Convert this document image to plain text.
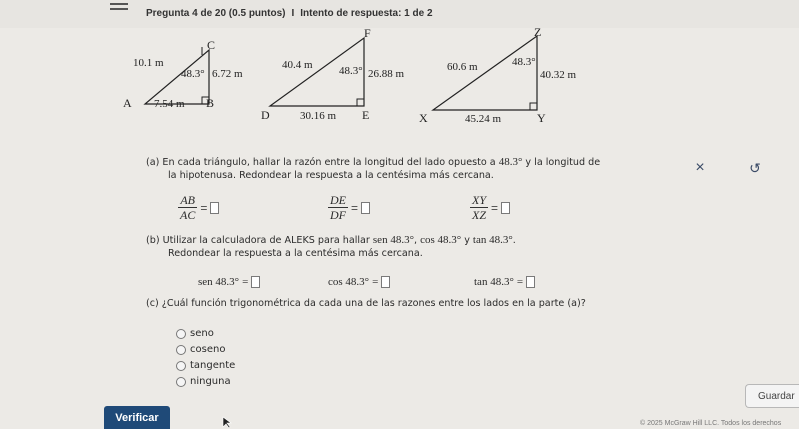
Pregunta 4 de 20 (0.5 puntos) I Intento de respuesta: 1 de 2
C
A	B
10.1 m
48.3° 6.72 m
7.54 m
F
D	E
40.4 m 48.3° 26.88 m
30.16 m
Z
X	Y
60.6 m	48.3°
40.32 m
45.24 m
(a) En cada triángulo, hallar la razón entre la longitud del lado opuesto a 48.3° y la longitud de
la hipotenusa. Redondear la respuesta a la centésima más cercana.
$\frac{AB}{AC}$ =	$\frac{DE}{DF}$ =	$\frac{XY}{XZ}$ =
(b) Utilizar la calculadora de ALEKS para hallar sen 48.3°, cos 48.3° y tan 48.3°.
Redondear la respuesta a la centésima más cercana.
sen 48.3° =	cos 48.3° =	tan 48.3° =
(c) ¿Cuál función trigonométrica da cada una de las razones entre los lados en la parte (a)?
seno
coseno
tangente
ninguna
×	↺
Guardar
Verificar	© 2025 McGraw Hill LLC. Todos los derechos
